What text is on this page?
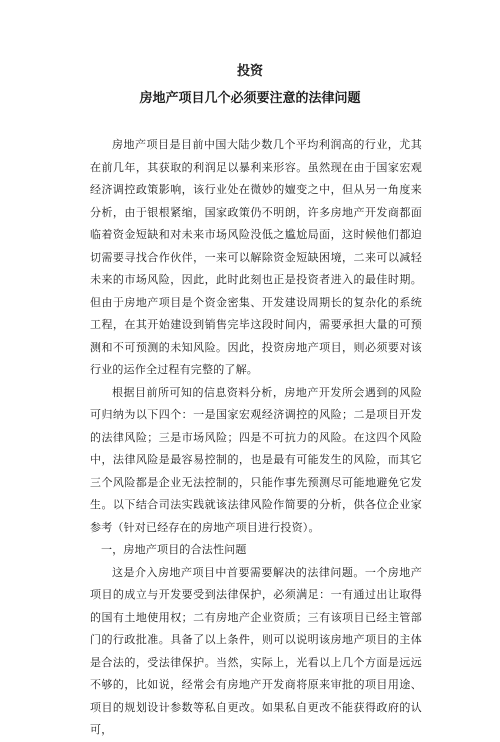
投资
房地产项目几个必须要注意的法律问题

房地产项目是目前中国大陆少数几个平均利润高的行业，尤其在前几年，其获取的利润足以暴利来形容。虽然现在由于国家宏观经济调控政策影响，该行业处在微妙的嬗变之中，但从另一角度来分析，由于银根紧缩，国家政策仍不明朗，许多房地产开发商都面临着资金短缺和对未来市场风险没低之尴尬局面，这时候他们都迫切需要寻找合作伙伴，一来可以解除资金短缺困境，二来可以减轻未来的市场风险，因此，此时此刻也正是投资者进入的最佳时期。但由于房地产项目是个资金密集、开发建设周期长的复杂化的系统工程，在其开始建设到销售完毕这段时间内，需要承担大量的可预测和不可预测的未知风险。因此，投资房地产项目，则必须要对该行业的运作全过程有完整的了解。

根据目前所可知的信息资料分析，房地产开发所会遇到的风险可归纳为以下四个：一是国家宏观经济调控的风险；二是项目开发的法律风险；三是市场风险；四是不可抗力的风险。在这四个风险中，法律风险是最容易控制的，也是最有可能发生的风险，而其它三个风险都是企业无法控制的，只能作事先预测尽可能地避免它发生。以下结合司法实践就该法律风险作简要的分析，供各位企业家参考（针对已经存在的房地产项目进行投资）。

一，房地产项目的合法性问题

这是介入房地产项目中首要需要解决的法律问题。一个房地产项目的成立与开发要受到法律保护，必须满足：一有通过出让取得的国有土地使用权；二有房地产企业资质；三有该项目已经主管部门的行政批准。具备了以上条件，则可以说明该房地产项目的主体是合法的，受法律保护。当然，实际上，光看以上几个方面是远远不够的，比如说，经常会有房地产开发商将原来审批的项目用途、项目的规划设计参数等私自更改。如果私自更改不能获得政府的认可，
